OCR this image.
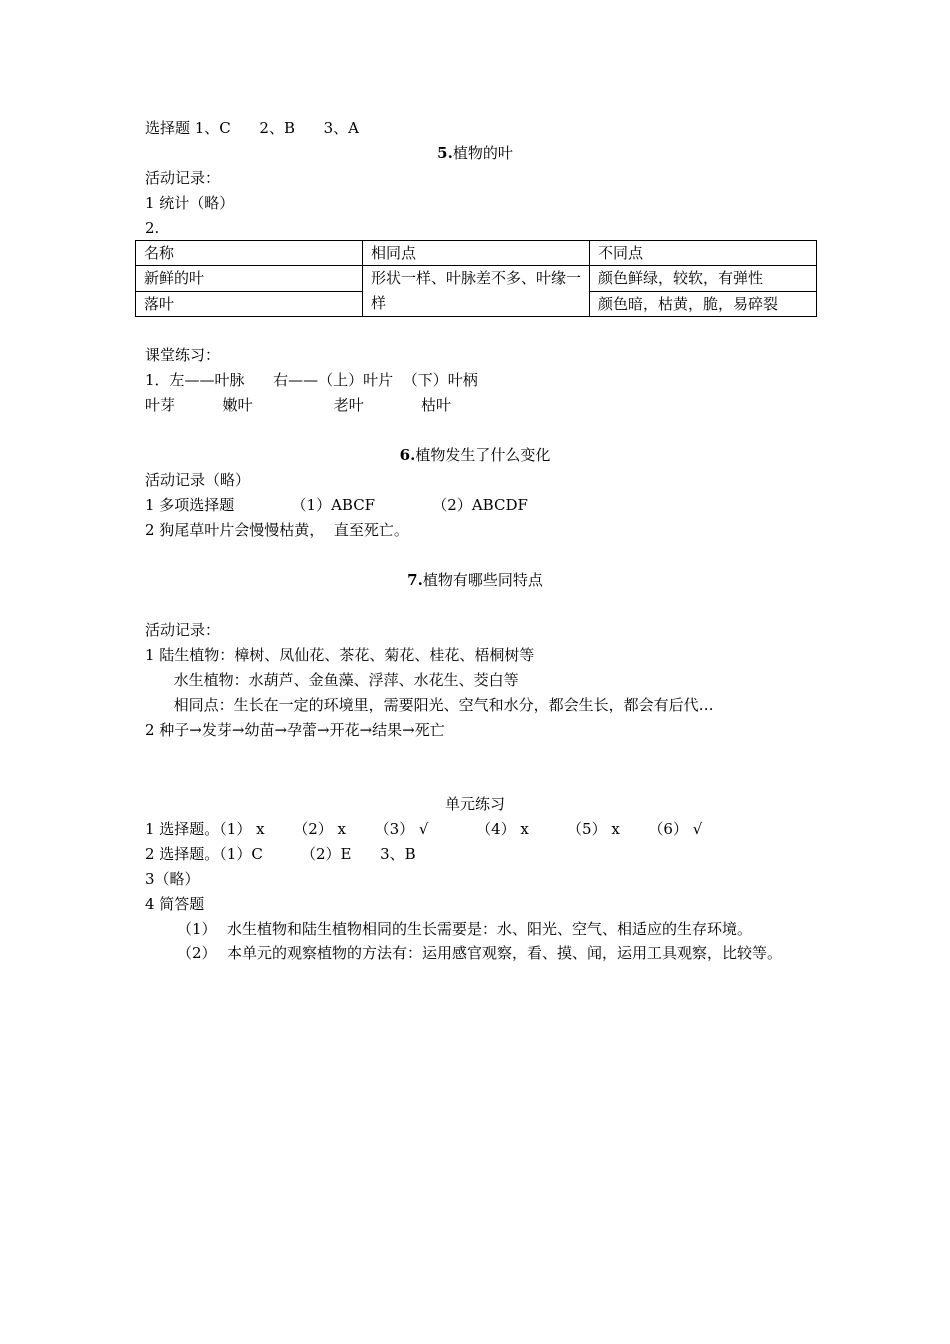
选择题 1、C      2、B      3、A
5.植物的叶
活动记录：
1 统计（略）
2.
名称	相同点	不同点
新鲜的叶	形状一样、叶脉差不多、叶缘一样	颜色鲜绿，较软，有弹性
落叶		颜色暗，枯黄，脆，易碎裂
课堂练习：
1．左——叶脉      右——（上）叶片  （下）叶柄
叶芽          嫩叶                 老叶            枯叶
6.植物发生了什么变化
活动记录（略）
1 多项选择题            （1）ABCF            （2）ABCDF
2 狗尾草叶片会慢慢枯黄，  直至死亡。
7.植物有哪些同特点
活动记录：
1 陆生植物：樟树、凤仙花、茶花、菊花、桂花、梧桐树等
水生植物：水葫芦、金鱼藻、浮萍、水花生、茭白等
相同点：生长在一定的环境里，需要阳光、空气和水分，都会生长，都会有后代…
2 种子→发芽→幼苗→孕蕾→开花→结果→死亡
单元练习
1 选择题。（1） x      （2） x      （3） √          （4） x        （5） x      （6） √
2 选择题。（1）C        （2）E      3、B
3（略）
4 简答题
（1） 水生植物和陆生植物相同的生长需要是：水、阳光、空气、相适应的生存环境。
（2） 本单元的观察植物的方法有：运用感官观察，看、摸、闻，运用工具观察，比较等。
